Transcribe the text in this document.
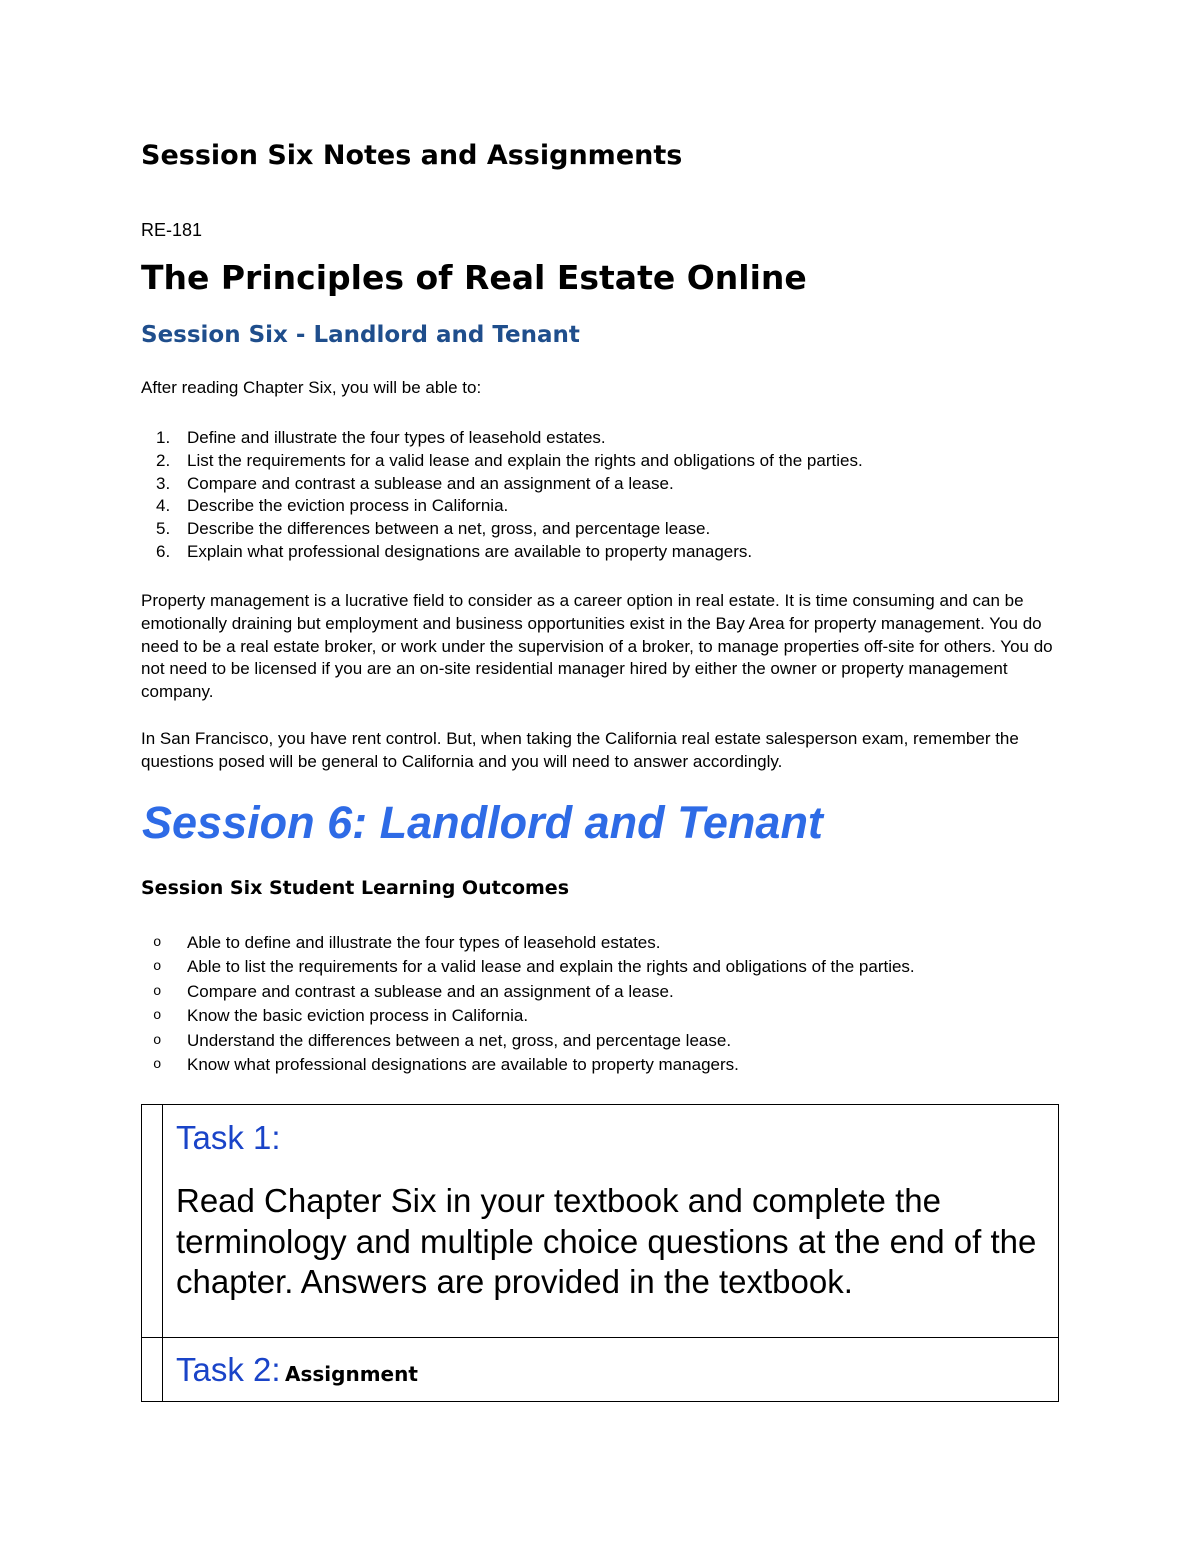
Session Six Notes and Assignments

RE-181

The Principles of Real Estate Online
Session Six - Landlord and Tenant

After reading Chapter Six, you will be able to:

1. Define and illustrate the four types of leasehold estates.
2. List the requirements for a valid lease and explain the rights and obligations of the parties.
3. Compare and contrast a sublease and an assignment of a lease.
4. Describe the eviction process in California.
5. Describe the differences between a net, gross, and percentage lease.
6. Explain what professional designations are available to property managers.

Property management is a lucrative field to consider as a career option in real estate. It is time consuming and can be emotionally draining but employment and business opportunities exist in the Bay Area for property management. You do need to be a real estate broker, or work under the supervision of a broker, to manage properties off-site for others. You do not need to be licensed if you are an on-site residential manager hired by either the owner or property management company.

In San Francisco, you have rent control. But, when taking the California real estate salesperson exam, remember the questions posed will be general to California and you will need to answer accordingly.

Session 6: Landlord and Tenant
Session Six Student Learning Outcomes
o Able to define and illustrate the four types of leasehold estates.
o Able to list the requirements for a valid lease and explain the rights and obligations of the parties.
o Compare and contrast a sublease and an assignment of a lease.
o Know the basic eviction process in California.
o Understand the differences between a net, gross, and percentage lease.
o Know what professional designations are available to property managers.

Task 1:

Read Chapter Six in your textbook and complete the terminology and multiple choice questions at the end of the chapter. Answers are provided in the textbook.

Task 2: Assignment
